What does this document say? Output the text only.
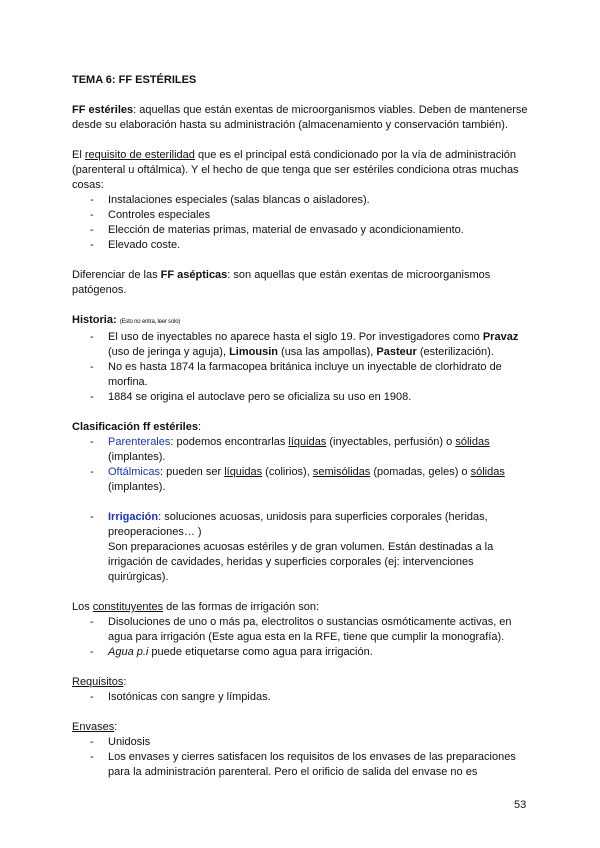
TEMA 6: FF ESTÉRILES

FF estériles: aquellas que están exentas de microorganismos viables. Deben de mantenerse desde su elaboración hasta su administración (almacenamiento y conservación también).

El requisito de esterilidad que es el principal está condicionado por la vía de administración (parenteral u oftálmica). Y el hecho de que tenga que ser estériles condiciona otras muchas cosas:

- Instalaciones especiales (salas blancas o aisladores).
- Controles especiales
- Elección de materias primas, material de envasado y acondicionamiento.
- Elevado coste.

Diferenciar de las FF asépticas: son aquellas que están exentas de microorganismos patógenos.

Historia: (Esto no entra, leer solo)

- El uso de inyectables no aparece hasta el siglo 19. Por investigadores como Pravaz (uso de jeringa y aguja), Limousin (usa las ampollas), Pasteur (esterilización).
- No es hasta 1874 la farmacopea británica incluye un inyectable de clorhidrato de morfina.
- 1884 se origina el autoclave pero se oficializa su uso en 1908.

Clasificación ff estériles:

- Parenterales: podemos encontrarlas líquidas (inyectables, perfusión) o sólidas (implantes).
- Oftálmicas: pueden ser líquidas (colirios), semisólidas (pomadas, geles) o sólidas (implantes).
- Irrigación: soluciones acuosas, unidosis para superficies corporales (heridas, preoperaciones… )

Son preparaciones acuosas estériles y de gran volumen. Están destinadas a la irrigación de cavidades, heridas y superficies corporales (ej: intervenciones quirúrgicas).

Los constituyentes de las formas de irrigación son:

- Disoluciones de uno o más pa, electrolitos o sustancias osmóticamente activas, en agua para irrigación (Este agua esta en la RFE, tiene que cumplir la monografía).
- Agua p.i puede etiquetarse como agua para irrigación.

Requisitos:

- Isotónicas con sangre y límpidas.

Envases:

- Unidosis
- Los envases y cierres satisfacen los requisitos de los envases de las preparaciones para la administración parenteral. Pero el orificio de salida del envase no es
53
